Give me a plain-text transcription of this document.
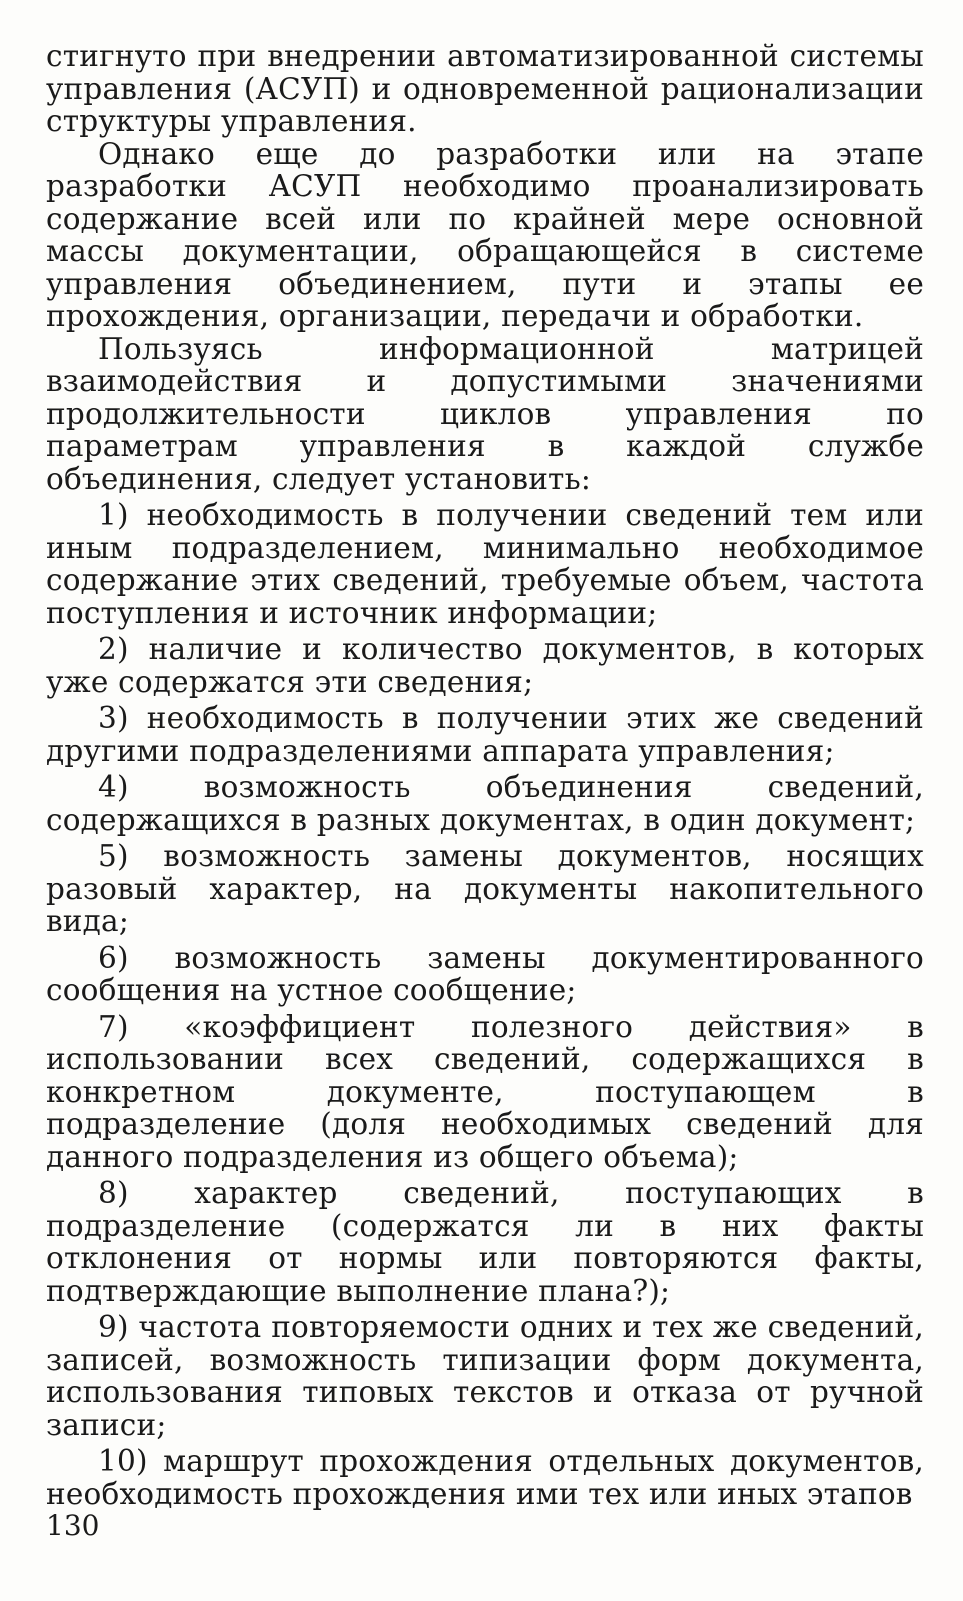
стигнуто при внедрении автоматизированной системы управления (АСУП) и одновременной рационализации структуры управления.

Однако еще до разработки или на этапе разработки АСУП необходимо проанализировать содержание всей или по крайней мере основной массы документации, обращающейся в системе управления объединением, пути и этапы ее прохождения, организации, передачи и обработки.

Пользуясь информационной матрицей взаимодействия и допустимыми значениями продолжительности циклов управления по параметрам управления в каждой службе объединения, следует установить:

1) необходимость в получении сведений тем или иным подразделением, минимально необходимое содержание этих сведений, требуемые объем, частота поступления и источник информации;

2) наличие и количество документов, в которых уже содержатся эти сведения;

3) необходимость в получении этих же сведений другими подразделениями аппарата управления;

4) возможность объединения сведений, содержащихся в разных документах, в один документ;

5) возможность замены документов, носящих разовый характер, на документы накопительного вида;

6) возможность замены документированного сообщения на устное сообщение;

7) «коэффициент полезного действия» в использовании всех сведений, содержащихся в конкретном документе, поступающем в подразделение (доля необходимых сведений для данного подразделения из общего объема);

8) характер сведений, поступающих в подразделение (содержатся ли в них факты отклонения от нормы или повторяются факты, подтверждающие выполнение плана?);

9) частота повторяемости одних и тех же сведений, записей, возможность типизации форм документа, использования типовых текстов и отказа от ручной записи;

10) маршрут прохождения отдельных документов, необходимость прохождения ими тех или иных этапов

130
